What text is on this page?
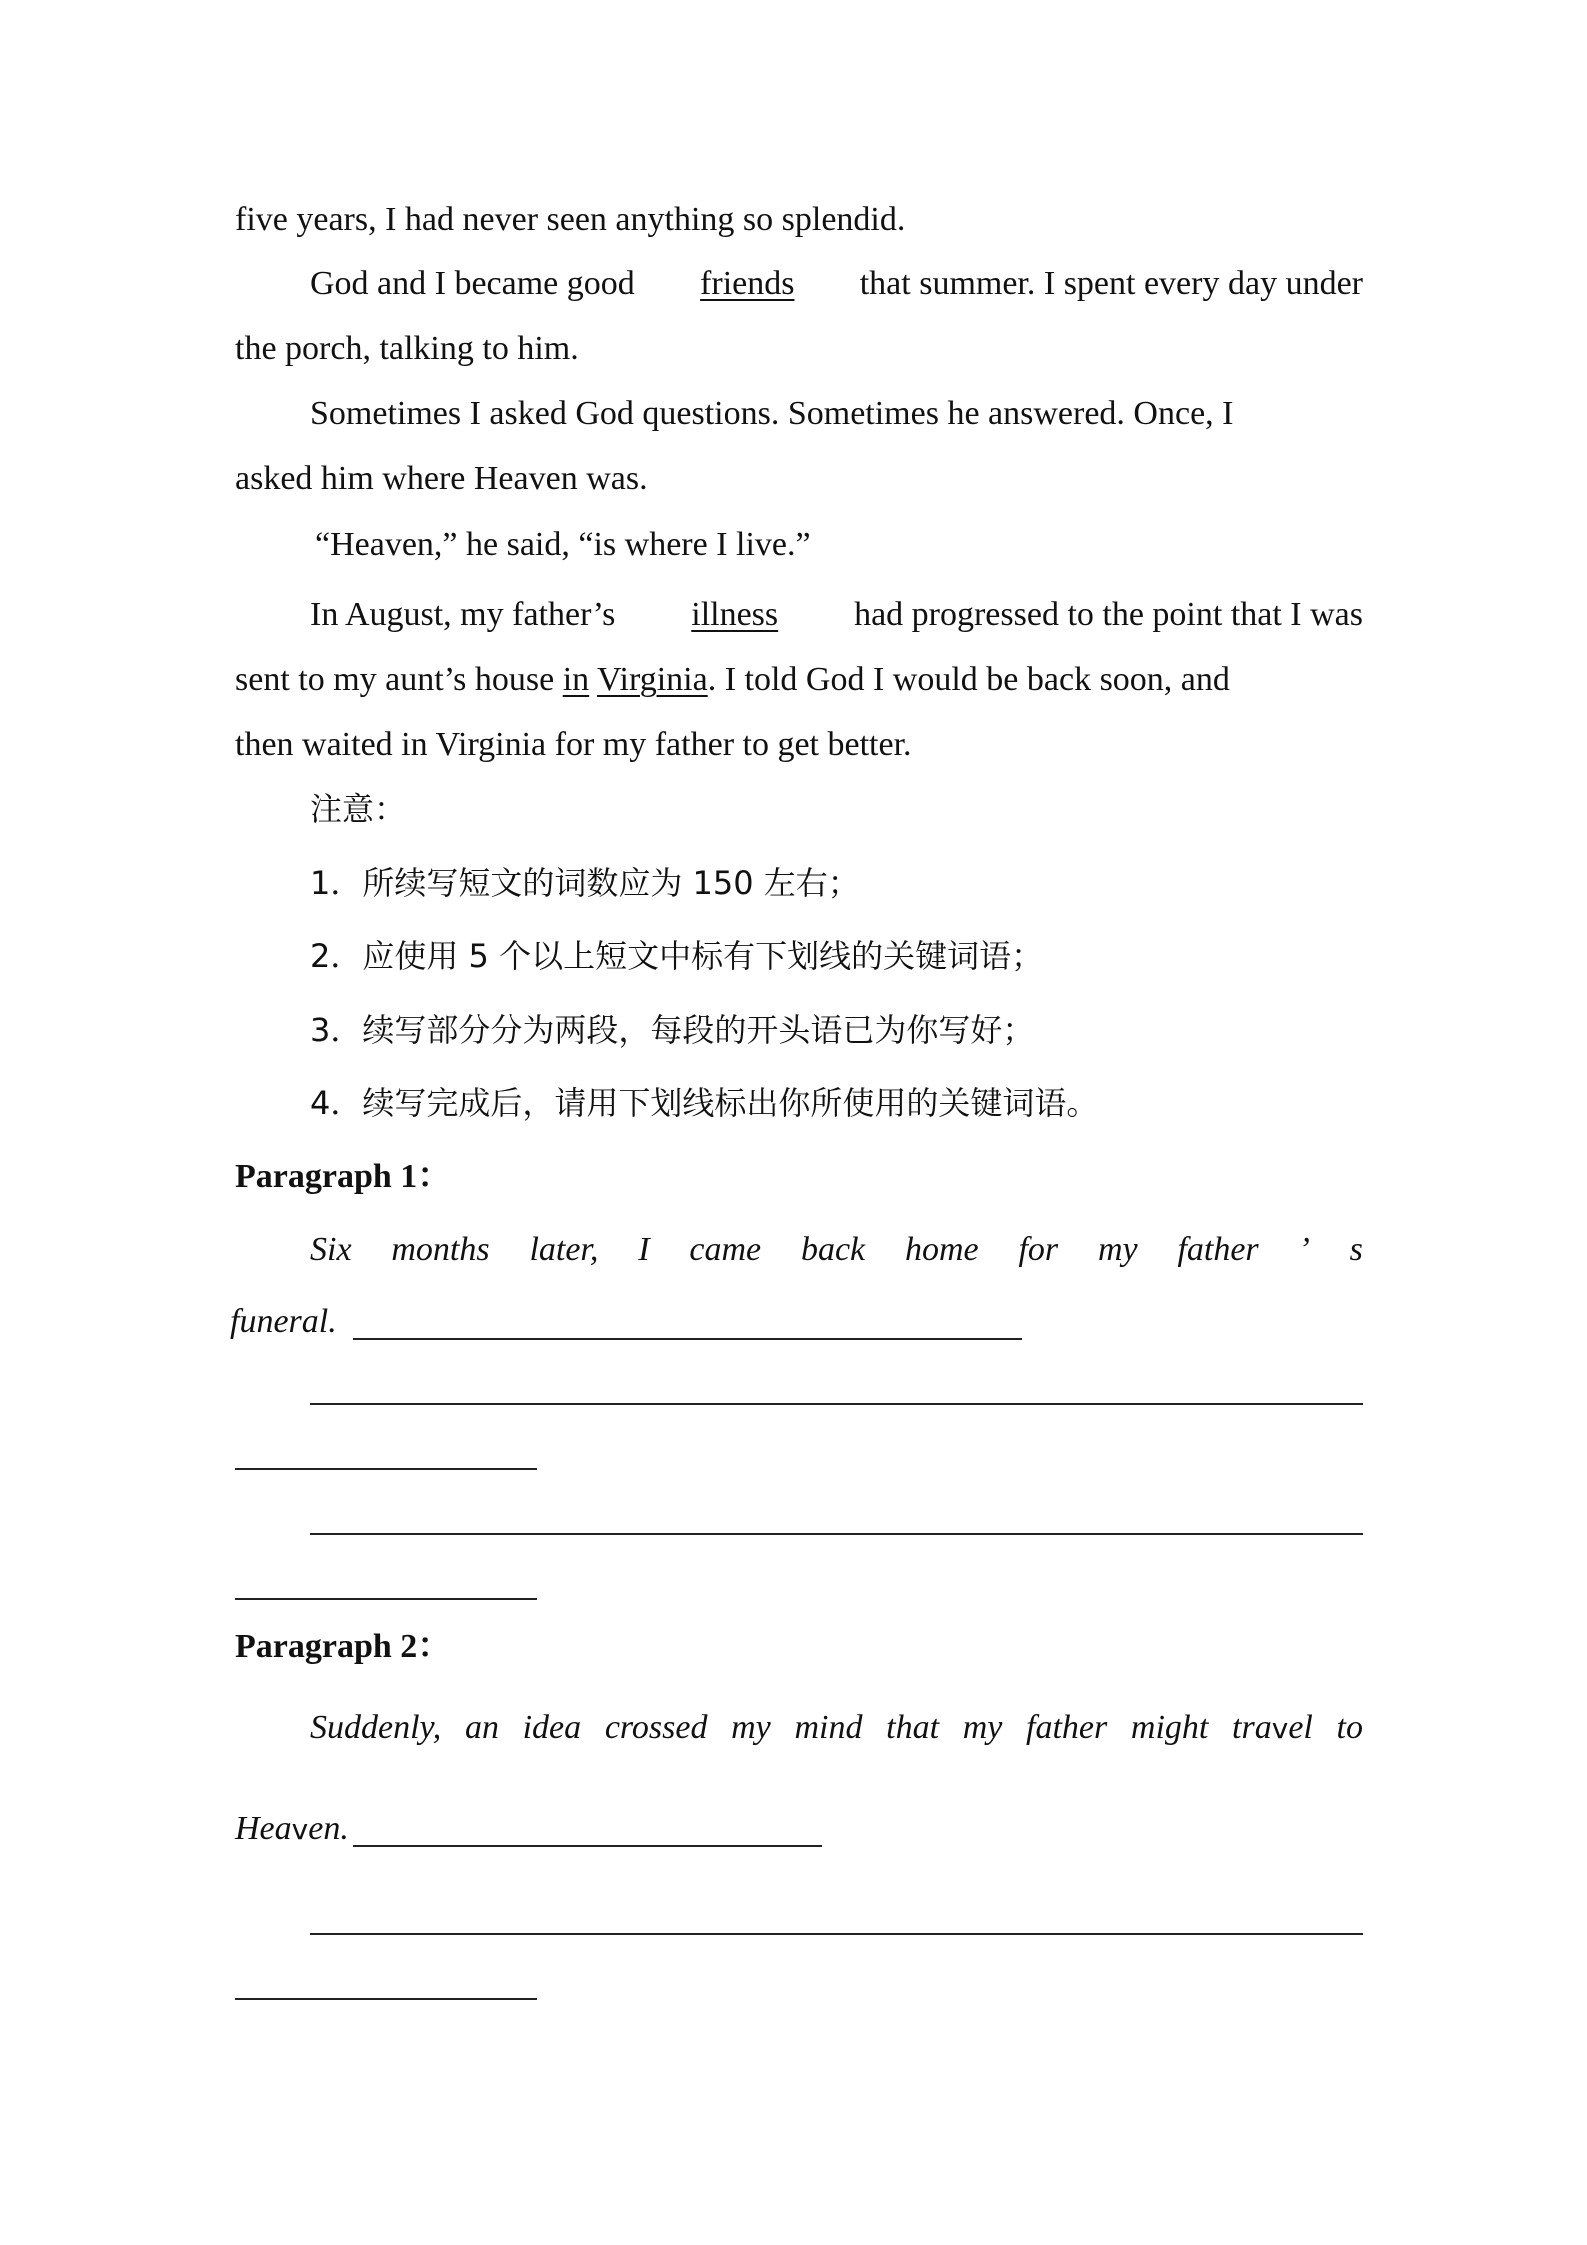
five years, I had never seen anything so splendid.
God and I became good friends that summer. I spent every day under
the porch, talking to him.
Sometimes I asked God questions. Sometimes he answered. Once, I
asked him where Heaven was.
“Heaven,” he said, “is where I live.”
In August, my father’s illness had progressed to the point that I was
sent to my aunt’s house in Virginia. I told God I would be back soon, and
then waited in Virginia for my father to get better.
注意：
1．所续写短文的词数应为 150 左右；
2．应使用 5 个以上短文中标有下划线的关键词语；
3．续写部分分为两段，每段的开头语已为你写好；
4．续写完成后，请用下划线标出你所使用的关键词语。
Paragraph 1：
Six months later, I came back home for my father ’ s
funeral.
Paragraph 2：
Suddenly, an idea crossed my mind that my father might traⅴel to
Heaⅴen.
